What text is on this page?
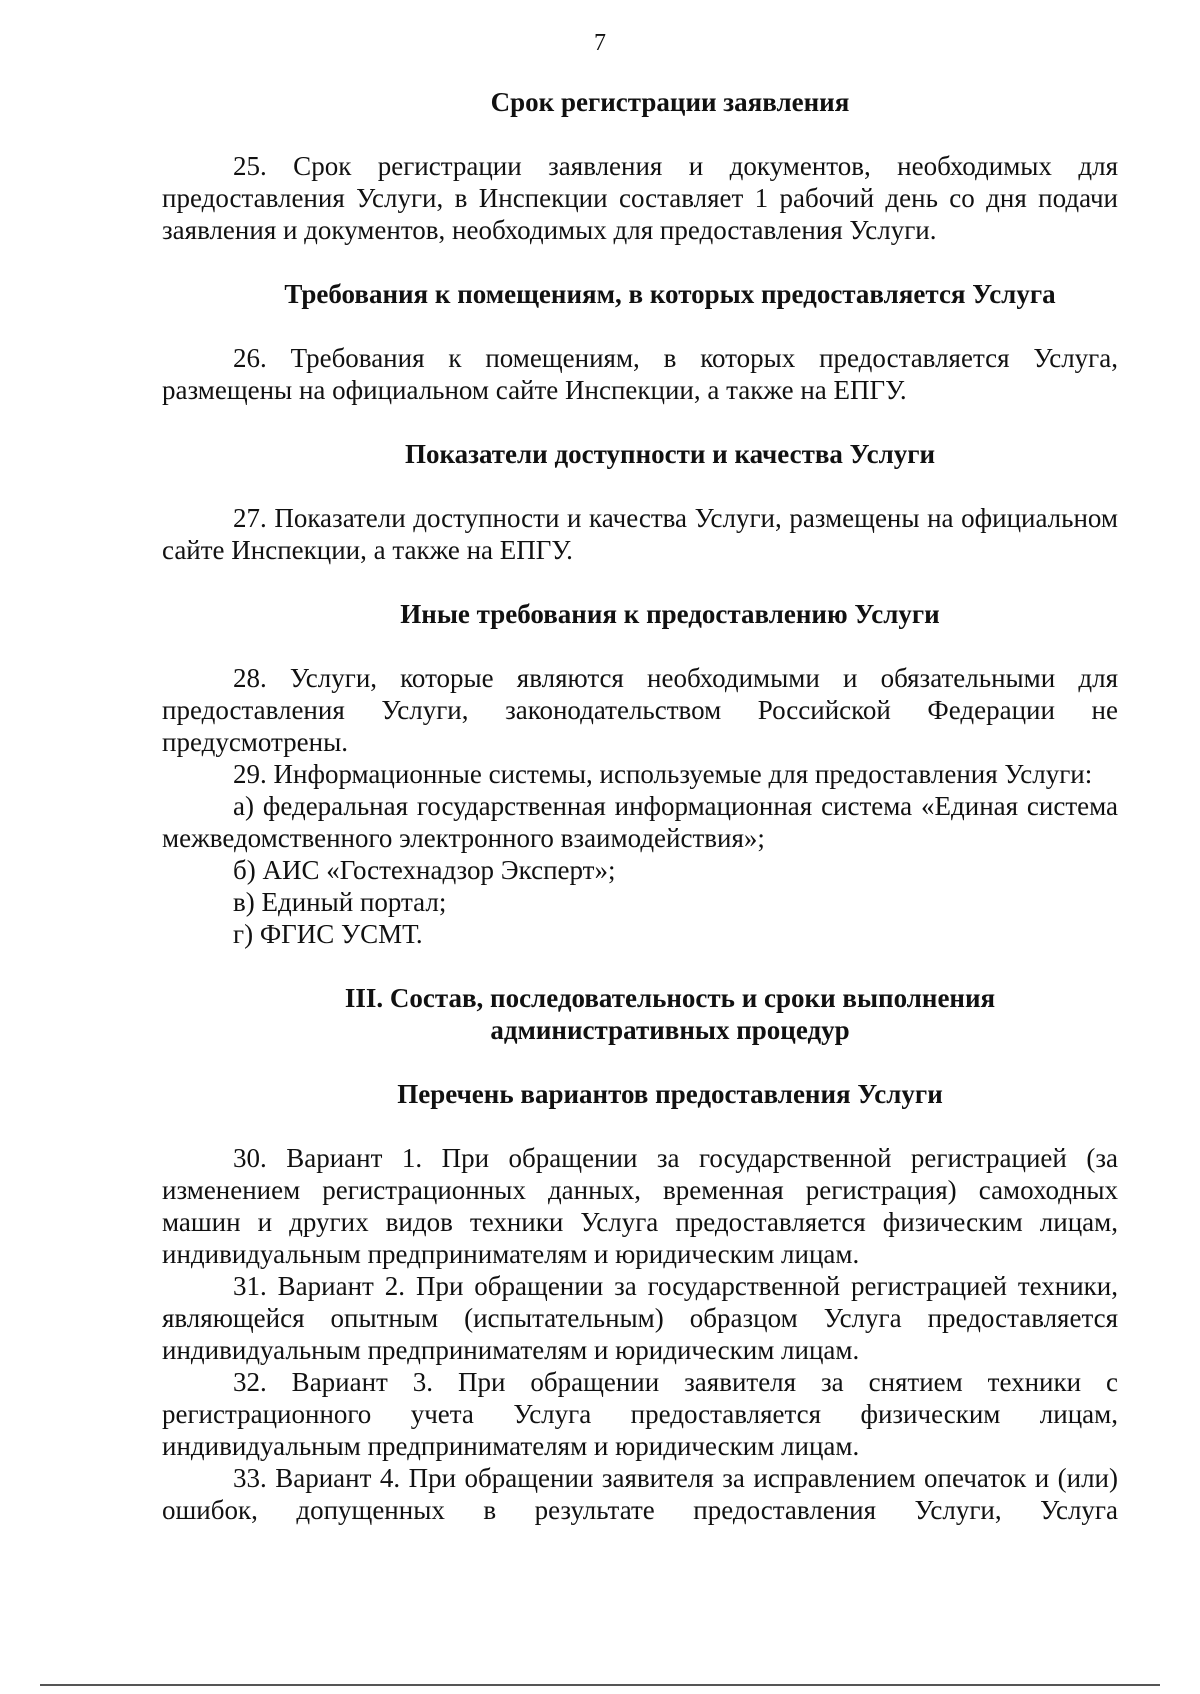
7

Срок регистрации заявления

25. Срок регистрации заявления и документов, необходимых для предоставления Услуги, в Инспекции составляет 1 рабочий день со дня подачи заявления и документов, необходимых для предоставления Услуги.

Требования к помещениям, в которых предоставляется Услуга

26. Требования к помещениям, в которых предоставляется Услуга, размещены на официальном сайте Инспекции, а также на ЕПГУ.

Показатели доступности и качества Услуги

27. Показатели доступности и качества Услуги, размещены на официальном сайте Инспекции, а также на ЕПГУ.

Иные требования к предоставлению Услуги

28. Услуги, которые являются необходимыми и обязательными для предоставления Услуги, законодательством Российской Федерации не предусмотрены.

29. Информационные системы, используемые для предоставления Услуги:

а) федеральная государственная информационная система «Единая система межведомственного электронного взаимодействия»;

б) АИС «Гостехнадзор Эксперт»;

в) Единый портал;

г) ФГИС УСМТ.

III. Состав, последовательность и сроки выполнения

административных процедур

Перечень вариантов предоставления Услуги

30. Вариант 1. При обращении за государственной регистрацией (за изменением регистрационных данных, временная регистрация) самоходных машин и других видов техники Услуга предоставляется физическим лицам, индивидуальным предпринимателям и юридическим лицам.

31. Вариант 2. При обращении за государственной регистрацией техники, являющейся опытным (испытательным) образцом Услуга предоставляется индивидуальным предпринимателям и юридическим лицам.

32. Вариант 3. При обращении заявителя за снятием техники с регистрационного учета Услуга предоставляется физическим лицам, индивидуальным предпринимателям и юридическим лицам.

33. Вариант 4. При обращении заявителя за исправлением опечаток и (или) ошибок, допущенных в результате предоставления Услуги, Услуга
